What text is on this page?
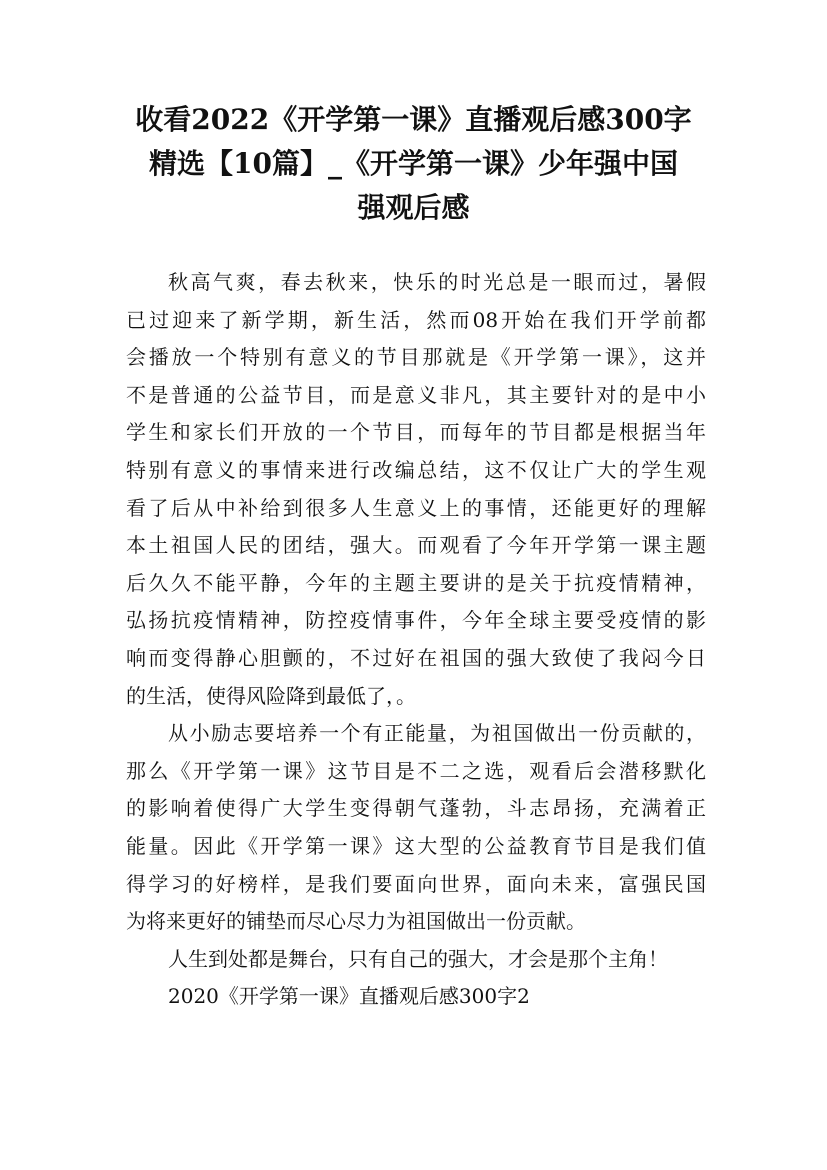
收看2022《开学第一课》直播观后感300字
精选【10篇】_《开学第一课》少年强中国
强观后感
秋高气爽，春去秋来，快乐的时光总是一眼而过，暑假
已过迎来了新学期，新生活，然而08开始在我们开学前都
会播放一个特别有意义的节目那就是《开学第一课》，这并
不是普通的公益节目，而是意义非凡，其主要针对的是中小
学生和家长们开放的一个节目，而每年的节目都是根据当年
特别有意义的事情来进行改编总结，这不仅让广大的学生观
看了后从中补给到很多人生意义上的事情，还能更好的理解
本土祖国人民的团结，强大。而观看了今年开学第一课主题
后久久不能平静，今年的主题主要讲的是关于抗疫情精神，
弘扬抗疫情精神，防控疫情事件，今年全球主要受疫情的影
响而变得静心胆颤的，不过好在祖国的强大致使了我闷今日
的生活，使得风险降到最低了，。
从小励志要培养一个有正能量，为祖国做出一份贡献的，
那么《开学第一课》这节目是不二之选，观看后会潜移默化
的影响着使得广大学生变得朝气蓬勃，斗志昂扬，充满着正
能量。因此《开学第一课》这大型的公益教育节目是我们值
得学习的好榜样，是我们要面向世界，面向未来，富强民国
为将来更好的铺垫而尽心尽力为祖国做出一份贡献。
人生到处都是舞台，只有自己的强大，才会是那个主角！
2020《开学第一课》直播观后感300字2
